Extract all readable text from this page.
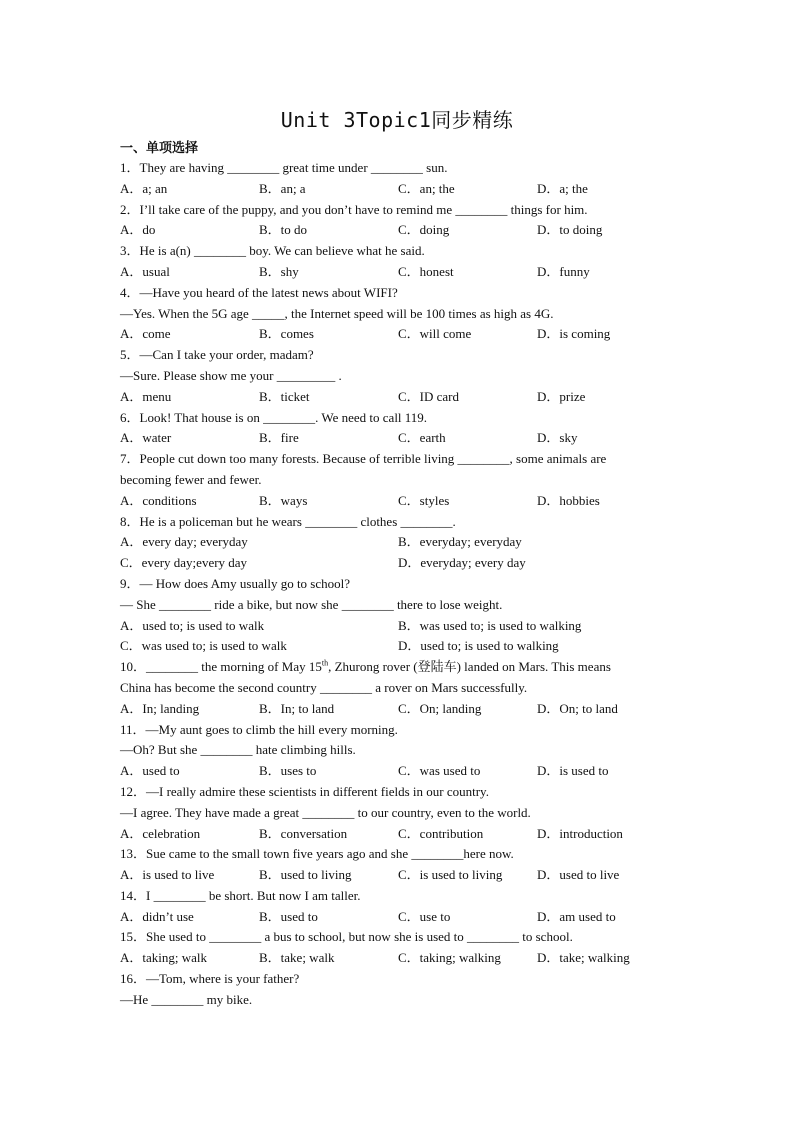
Unit 3Topic1同步精练
一、单项选择
1．They are having ________ great time under ________ sun.
A．a; an	B．an; a	C．an; the	D．a; the
2．I’ll take care of the puppy, and you don’t have to remind me ________ things for him.
A．do	B．to do	C．doing	D．to doing
3．He is a(n) ________ boy. We can believe what he said.
A．usual	B．shy	C．honest	D．funny
4．—Have you heard of the latest news about WIFI?
—Yes. When the 5G age _____, the Internet speed will be 100 times as high as 4G.
A．come	B．comes	C．will come	D．is coming
5．—Can I take your order, madam?
—Sure. Please show me your _________ .
A．menu	B．ticket	C．ID card	D．prize
6．Look! That house is on ________. We need to call 119.
A．water	B．fire	C．earth	D．sky
7．People cut down too many forests. Because of terrible living ________, some animals are
becoming fewer and fewer.
A．conditions	B．ways	C．styles	D．hobbies
8．He is a policeman but he wears ________ clothes ________.
A．every day; everyday	B．everyday; everyday
C．every day;every day	D．everyday; every day
9．— How does Amy usually go to school?
— She ________ ride a bike, but now she ________ there to lose weight.
A．used to; is used to walk	B．was used to; is used to walking
C．was used to; is used to walk	D．used to; is used to walking
10．________ the morning of May 15th, Zhurong rover (登陆车) landed on Mars. This means
China has become the second country ________ a rover on Mars successfully.
A．In; landing	B．In; to land	C．On; landing	D．On; to land
11．—My aunt goes to climb the hill every morning.
—Oh? But she ________ hate climbing hills.
A．used to	B．uses to	C．was used to	D．is used to
12．—I really admire these scientists in different fields in our country.
—I agree. They have made a great ________ to our country, even to the world.
A．celebration	B．conversation	C．contribution	D．introduction
13．Sue came to the small town five years ago and she ________here now.
A．is used to live	B．used to living	C．is used to living	D．used to live
14．I ________ be short. But now I am taller.
A．didn’t use	B．used to	C．use to	D．am used to
15．She used to ________ a bus to school, but now she is used to ________ to school.
A．taking; walk	B．take; walk	C．taking; walking	D．take; walking
16．—Tom, where is your father?
—He ________ my bike.
